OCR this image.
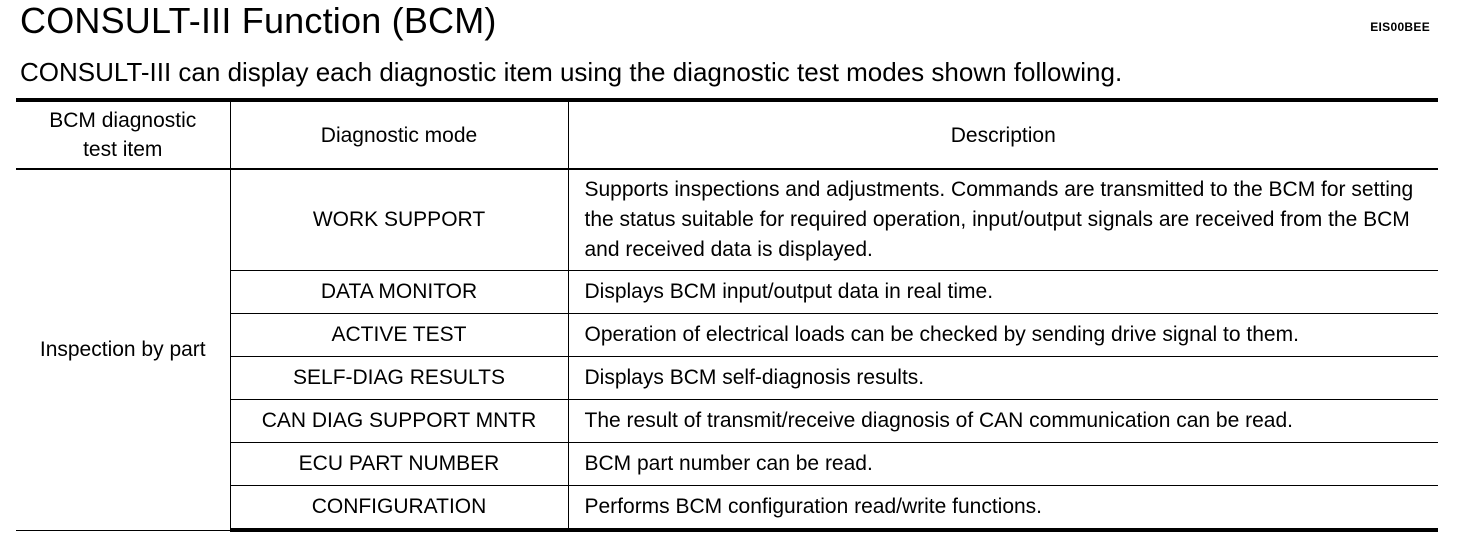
CONSULT-III Function (BCM)	EIS00BEE
CONSULT-III can display each diagnostic item using the diagnostic test modes shown following.
BCM diagnostic test item	Diagnostic mode	Description
Inspection by part	WORK SUPPORT	Supports inspections and adjustments. Commands are transmitted to the BCM for setting the status suitable for required operation, input/output signals are received from the BCM and received data is displayed.
	DATA MONITOR	Displays BCM input/output data in real time.
	ACTIVE TEST	Operation of electrical loads can be checked by sending drive signal to them.
	SELF-DIAG RESULTS	Displays BCM self-diagnosis results.
	CAN DIAG SUPPORT MNTR	The result of transmit/receive diagnosis of CAN communication can be read.
	ECU PART NUMBER	BCM part number can be read.
	CONFIGURATION	Performs BCM configuration read/write functions.
